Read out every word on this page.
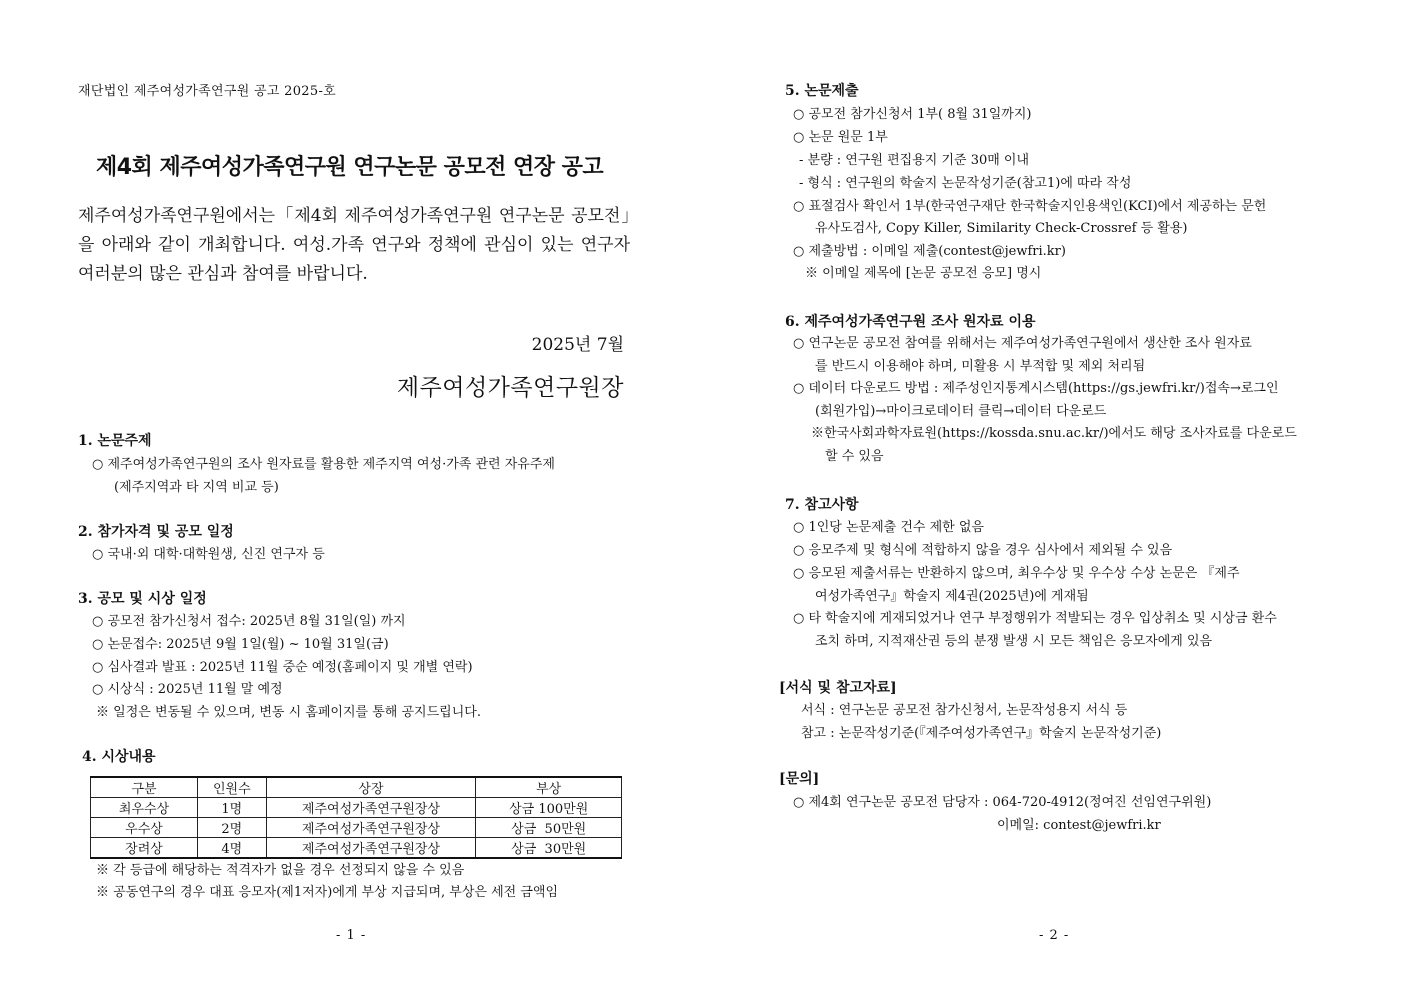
재단법인 제주여성가족연구원 공고 2025-호
제4회 제주여성가족연구원 연구논문 공모전 연장 공고
제주여성가족연구원에서는「제4회 제주여성가족연구원 연구논문 공모전」을 아래와 같이 개최합니다. 여성.가족 연구와 정책에 관심이 있는 연구자 여러분의 많은 관심과 참여를 바랍니다.
2025년 7월
제주여성가족연구원장
1. 논문주제
○ 제주여성가족연구원의 조사 원자료를 활용한 제주지역 여성·가족 관련 자유주제
(제주지역과 타 지역 비교 등)
2. 참가자격 및 공모 일정
○ 국내·외 대학·대학원생, 신진 연구자 등
3. 공모 및 시상 일정
○ 공모전 참가신청서 접수: 2025년 8월 31일(일) 까지
○ 논문접수: 2025년 9월 1일(월) ~ 10월 31일(금)
○ 심사결과 발표 : 2025년 11월 중순 예정(홈페이지 및 개별 연락)
○ 시상식 : 2025년 11월 말 예정
※ 일정은 변동될 수 있으며, 변동 시 홈페이지를 통해 공지드립니다.
4. 시상내용
구분	인원수	상장	부상
최우수상	1명	제주여성가족연구원장상	상금 100만원
우수상	2명	제주여성가족연구원장상	상금  50만원
장려상	4명	제주여성가족연구원장상	상금  30만원
※ 각 등급에 해당하는 적격자가 없을 경우 선정되지 않을 수 있음
※ 공동연구의 경우 대표 응모자(제1저자)에게 부상 지급되며, 부상은 세전 금액임
- 1 -
5. 논문제출
○ 공모전 참가신청서 1부( 8월 31일까지)
○ 논문 원문 1부
- 분량 : 연구원 편집용지 기준 30매 이내
- 형식 : 연구원의 학술지 논문작성기준(참고1)에 따라 작성
○ 표절검사 확인서 1부(한국연구재단 한국학술지인용색인(KCI)에서 제공하는 문헌
유사도검사, Copy Killer, Similarity Check-Crossref 등 활용)
○ 제출방법 : 이메일 제출(contest@jewfri.kr)
※ 이메일 제목에 [논문 공모전 응모] 명시
6. 제주여성가족연구원 조사 원자료 이용
○ 연구논문 공모전 참여를 위해서는 제주여성가족연구원에서 생산한 조사 원자료
를 반드시 이용해야 하며, 미활용 시 부적합 및 제외 처리됨
○ 데이터 다운로드 방법 : 제주성인지통계시스템(https://gs.jewfri.kr/)접속→로그인
(회원가입)→마이크로데이터 클릭→데이터 다운로드
※한국사회과학자료원(https://kossda.snu.ac.kr/)에서도 해당 조사자료를 다운로드
할 수 있음
7. 참고사항
○ 1인당 논문제출 건수 제한 없음
○ 응모주제 및 형식에 적합하지 않을 경우 심사에서 제외될 수 있음
○ 응모된 제출서류는 반환하지 않으며, 최우수상 및 우수상 수상 논문은 『제주
여성가족연구』학술지 제4권(2025년)에 게재됨
○ 타 학술지에 게재되었거나 연구 부정행위가 적발되는 경우 입상취소 및 시상금 환수
조치 하며, 지적재산권 등의 분쟁 발생 시 모든 책임은 응모자에게 있음
[서식 및 참고자료]
서식 : 연구논문 공모전 참가신청서, 논문작성용지 서식 등
참고 : 논문작성기준(『제주여성가족연구』학술지 논문작성기준)
[문의]
○ 제4회 연구논문 공모전 담당자 : 064-720-4912(정여진 선임연구위원)
이메일: contest@jewfri.kr
- 2 -
